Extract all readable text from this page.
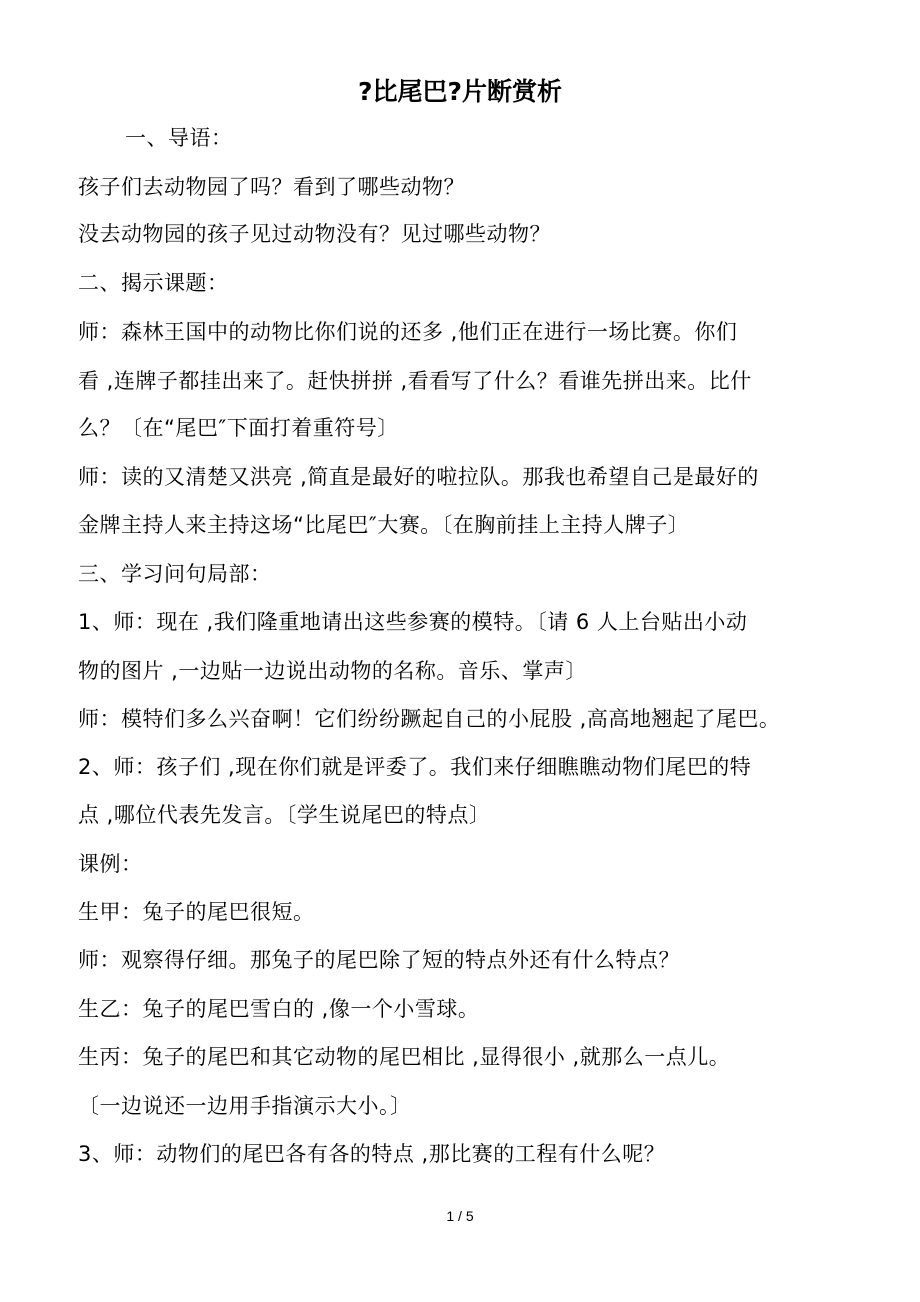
?比尾巴?片断赏析
一、导语：
孩子们去动物园了吗？看到了哪些动物？
没去动物园的孩子见过动物没有？见过哪些动物？
二、揭示课题：
师：森林王国中的动物比你们说的还多 ,他们正在进行一场比赛。你们
看 ,连牌子都挂出来了。赶快拼拼 ,看看写了什么？看谁先拼出来。比什
么？〔在“尾巴″下面打着重符号〕
师：读的又清楚又洪亮 ,简直是最好的啦拉队。那我也希望自己是最好的
金牌主持人来主持这场“比尾巴″大赛。〔在胸前挂上主持人牌子〕
三、学习问句局部：
1、师：现在 ,我们隆重地请出这些参赛的模特。〔请 6 人上台贴出小动
物的图片 ,一边贴一边说出动物的名称。音乐、掌声〕
师：模特们多么兴奋啊！它们纷纷蹶起自己的小屁股 ,高高地翘起了尾巴。
2、师：孩子们 ,现在你们就是评委了。我们来仔细瞧瞧动物们尾巴的特
点 ,哪位代表先发言。〔学生说尾巴的特点〕
课例：
生甲：兔子的尾巴很短。
师：观察得仔细。那兔子的尾巴除了短的特点外还有什么特点？
生乙：兔子的尾巴雪白的 ,像一个小雪球。
生丙：兔子的尾巴和其它动物的尾巴相比 ,显得很小 ,就那么一点儿。
〔一边说还一边用手指演示大小。〕
3、师：动物们的尾巴各有各的特点 ,那比赛的工程有什么呢？
1 / 5
